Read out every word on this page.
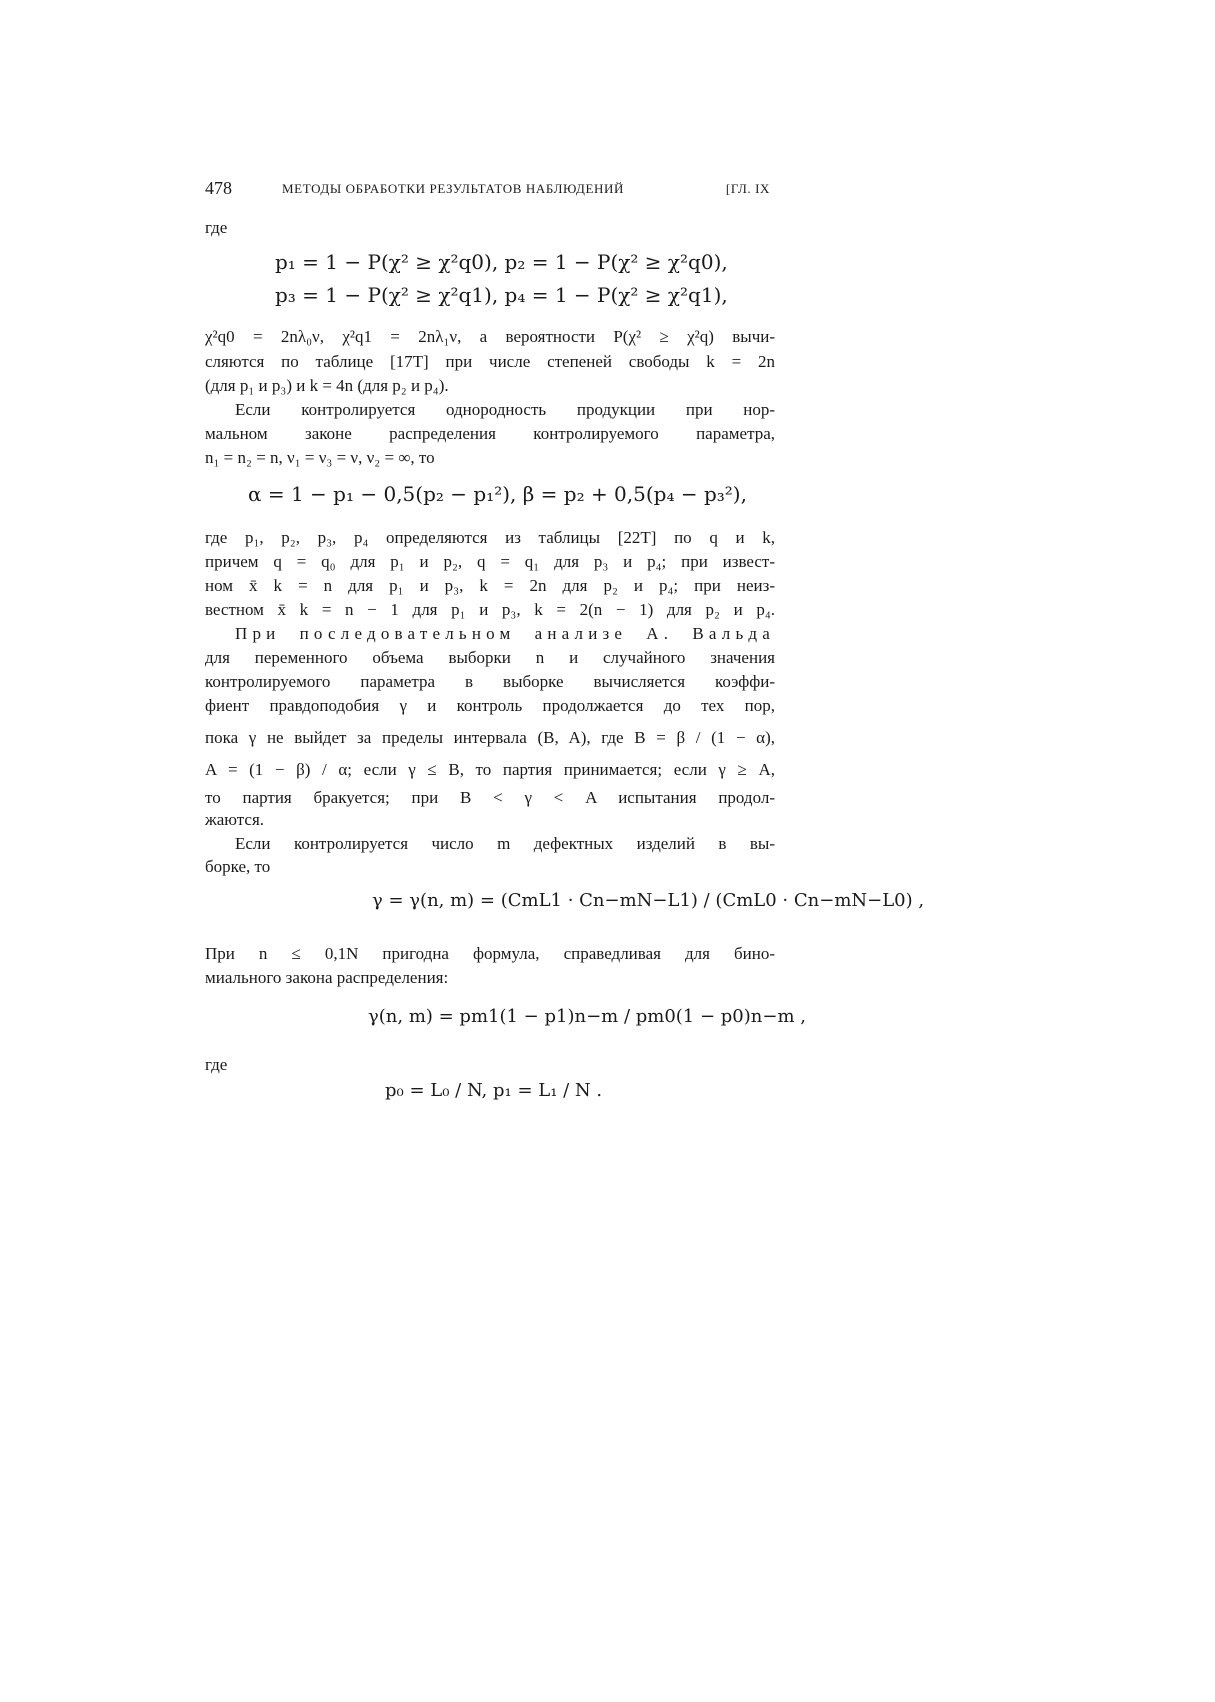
478	МЕТОДЫ ОБРАБОТКИ РЕЗУЛЬТАТОВ НАБЛЮДЕНИЙ	[ГЛ. IX
где
p₁ = 1 − P(χ² ≥ χ²q0), p₂ = 1 − P(χ² ≥ χ²q0),
p₃ = 1 − P(χ² ≥ χ²q1), p₄ = 1 − P(χ² ≥ χ²q1),
χ²q0 = 2nλ₀ν, χ²q1 = 2nλ₁ν, а вероятности P(χ² ≥ χ²q) вычи-
сляются по таблице [17Т] при числе степеней свободы k = 2n
(для p₁ и p₃) и k = 4n (для p₂ и p₄).
Если контролируется однородность продукции при нор-
мальном законе распределения контролируемого параметра,
n₁ = n₂ = n, ν₁ = ν₃ = ν, ν₂ = ∞, то
α = 1 − p₁ − 0,5(p₂ − p₁²), β = p₂ + 0,5(p₄ − p₃²),
где p₁, p₂, p₃, p₄ определяются из таблицы [22Т] по q и k,
причем q = q₀ для p₁ и p₂, q = q₁ для p₃ и p₄; при извест-
ном x̄ k = n для p₁ и p₃, k = 2n для p₂ и p₄; при неиз-
вестном x̄ k = n − 1 для p₁ и p₃, k = 2(n − 1) для p₂ и p₄.
При последовательном анализе А. Вальда
для переменного объема выборки n и случайного значения
контролируемого параметра в выборке вычисляется коэффи-
фиент правдоподобия γ и контроль продолжается до тех пор,
пока γ не выйдет за пределы интервала (B, A), где B = β / (1 − α),
A = (1 − β) / α; если γ ≤ B, то партия принимается; если γ ≥ A,
то партия бракуется; при B < γ < A испытания продол-
жаются.
Если контролируется число m дефектных изделий в вы-
борке, то
γ = γ(n, m) = (CmL1 · Cn−mN−L1) / (CmL0 · Cn−mN−L0) ,
При n ≤ 0,1N пригодна формула, справедливая для бино-
миального закона распределения:
γ(n, m) = pm1(1 − p1)n−m / pm0(1 − p0)n−m ,
где
p₀ = L₀ / N, p₁ = L₁ / N .
